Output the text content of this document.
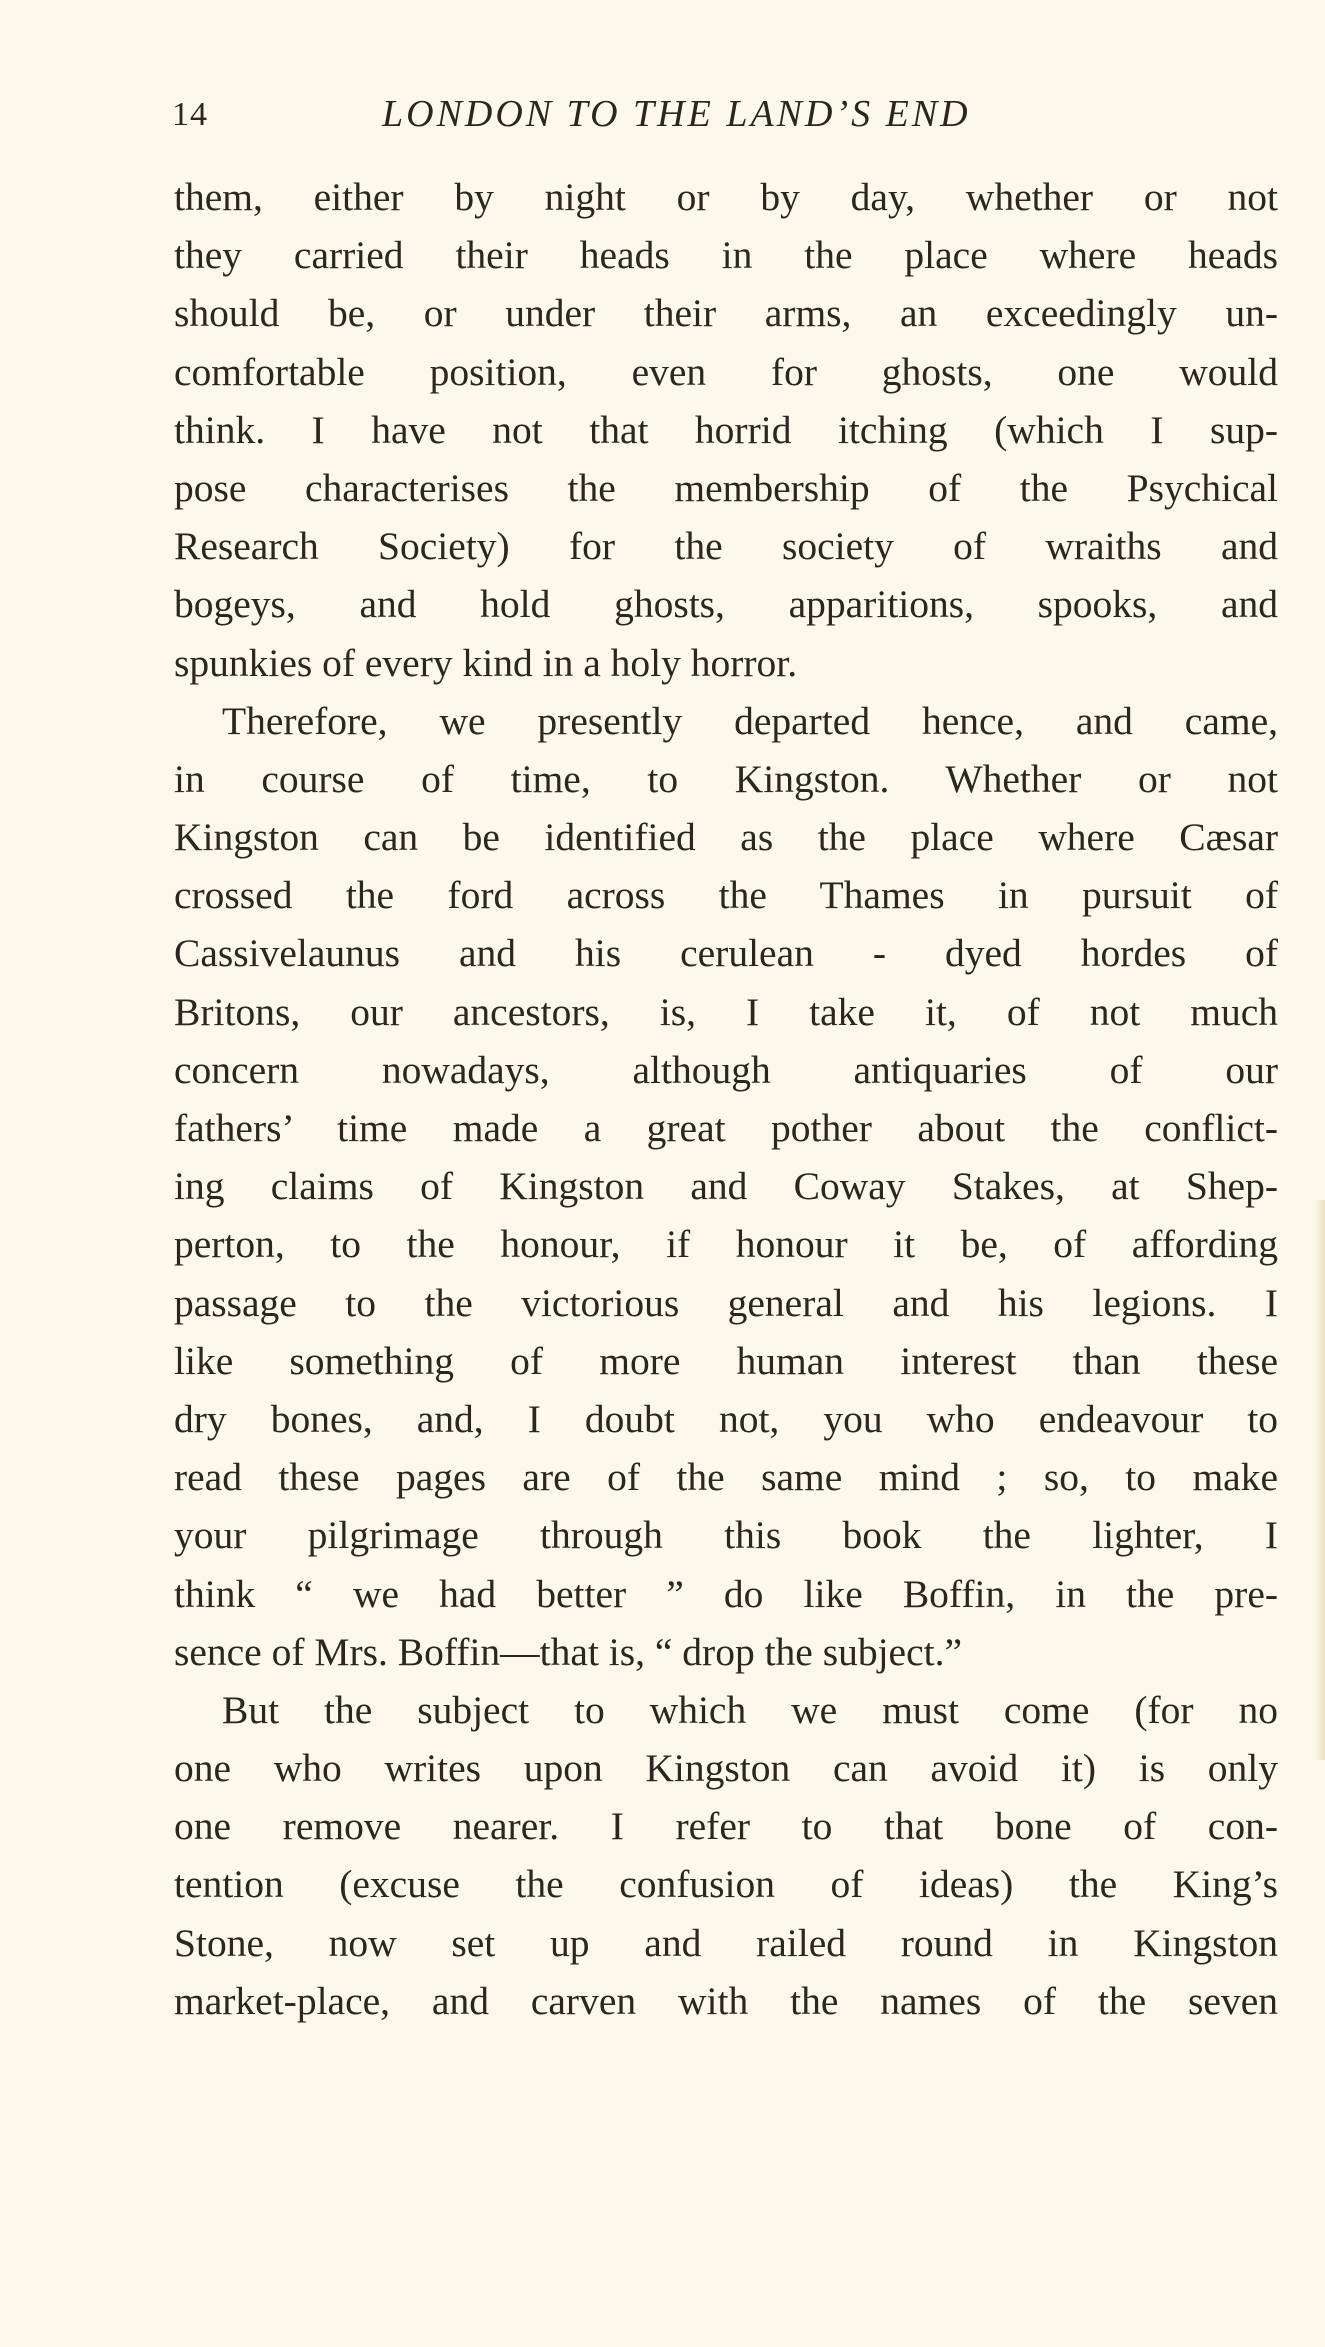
14	LONDON TO THE LAND’S END
them, either by night or by day, whether or not
they carried their heads in the place where heads
should be, or under their arms, an exceedingly un-
comfortable position, even for ghosts, one would
think. I have not that horrid itching (which I sup-
pose characterises the membership of the Psychical
Research Society) for the society of wraiths and
bogeys, and hold ghosts, apparitions, spooks, and
spunkies of every kind in a holy horror.
Therefore, we presently departed hence, and came,
in course of time, to Kingston. Whether or not
Kingston can be identified as the place where Cæsar
crossed the ford across the Thames in pursuit of
Cassivelaunus and his cerulean - dyed hordes of
Britons, our ancestors, is, I take it, of not much
concern nowadays, although antiquaries of our
fathers’ time made a great pother about the conflict-
ing claims of Kingston and Coway Stakes, at Shep-
perton, to the honour, if honour it be, of affording
passage to the victorious general and his legions. I
like something of more human interest than these
dry bones, and, I doubt not, you who endeavour to
read these pages are of the same mind ; so, to make
your pilgrimage through this book the lighter, I
think “ we had better ” do like Boffin, in the pre-
sence of Mrs. Boffin—that is, “ drop the subject.”
But the subject to which we must come (for no
one who writes upon Kingston can avoid it) is only
one remove nearer. I refer to that bone of con-
tention (excuse the confusion of ideas) the King’s
Stone, now set up and railed round in Kingston
market-place, and carven with the names of the seven
